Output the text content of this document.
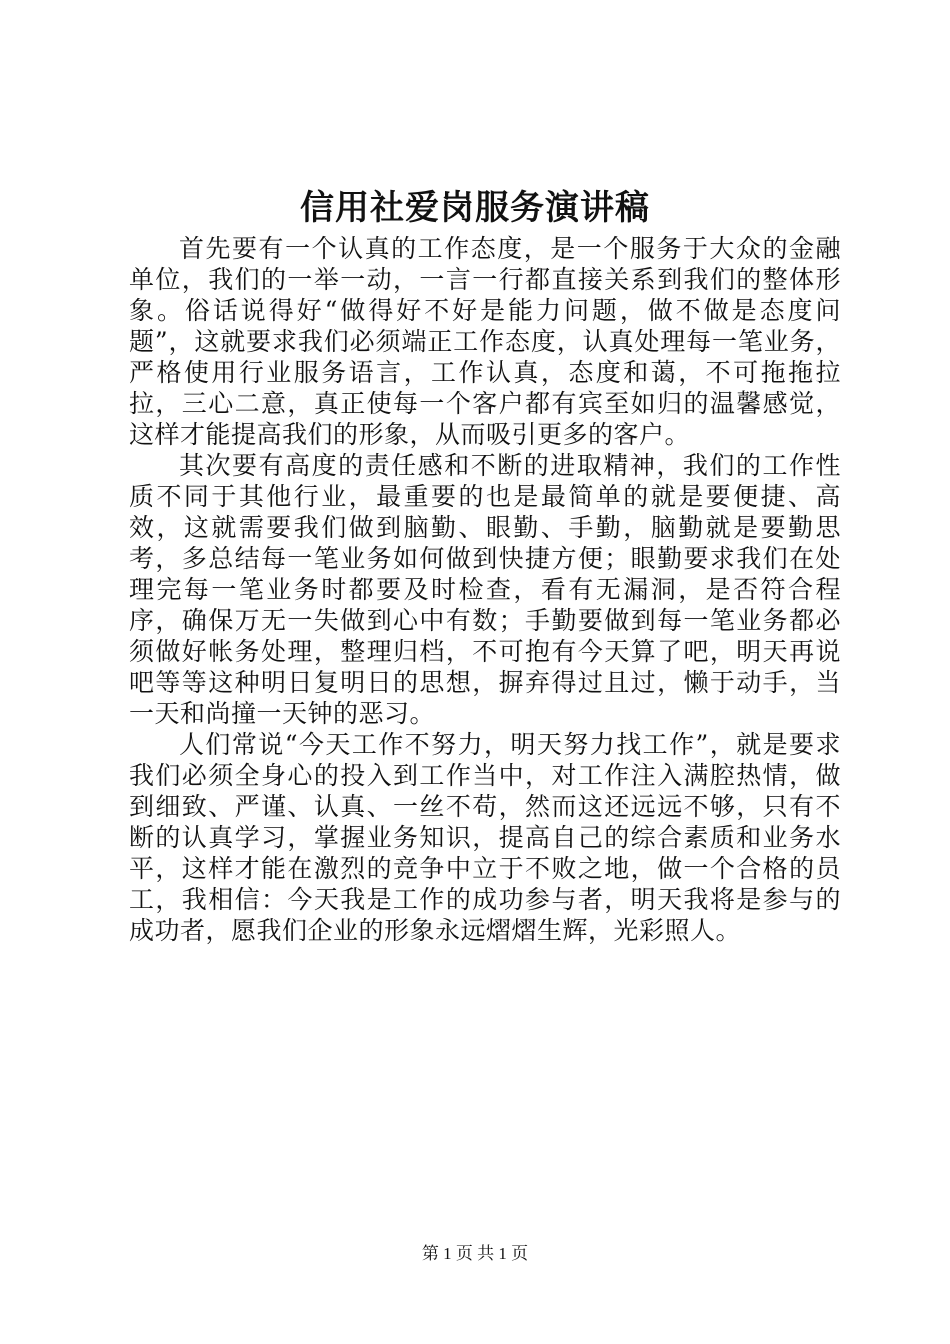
信用社爱岗服务演讲稿

首先要有一个认真的工作态度，是一个服务于大众的金融单位，我们的一举一动，一言一行都直接关系到我们的整体形象。俗话说得好“做得好不好是能力问题，做不做是态度问题”，这就要求我们必须端正工作态度，认真处理每一笔业务，严格使用行业服务语言，工作认真，态度和蔼，不可拖拖拉拉，三心二意，真正使每一个客户都有宾至如归的温馨感觉，这样才能提高我们的形象，从而吸引更多的客户。

其次要有高度的责任感和不断的进取精神，我们的工作性质不同于其他行业，最重要的也是最简单的就是要便捷、高效，这就需要我们做到脑勤、眼勤、手勤，脑勤就是要勤思考，多总结每一笔业务如何做到快捷方便；眼勤要求我们在处理完每一笔业务时都要及时检查，看有无漏洞，是否符合程序，确保万无一失做到心中有数；手勤要做到每一笔业务都必须做好帐务处理，整理归档，不可抱有今天算了吧，明天再说吧等等这种明日复明日的思想，摒弃得过且过，懒于动手，当一天和尚撞一天钟的恶习。

人们常说“今天工作不努力，明天努力找工作”，就是要求我们必须全身心的投入到工作当中，对工作注入满腔热情，做到细致、严谨、认真、一丝不苟，然而这还远远不够，只有不断的认真学习，掌握业务知识，提高自己的综合素质和业务水平，这样才能在激烈的竞争中立于不败之地，做一个合格的员工，我相信：今天我是工作的成功参与者，明天我将是参与的成功者，愿我们企业的形象永远熠熠生辉，光彩照人。

第 1 页 共 1 页
